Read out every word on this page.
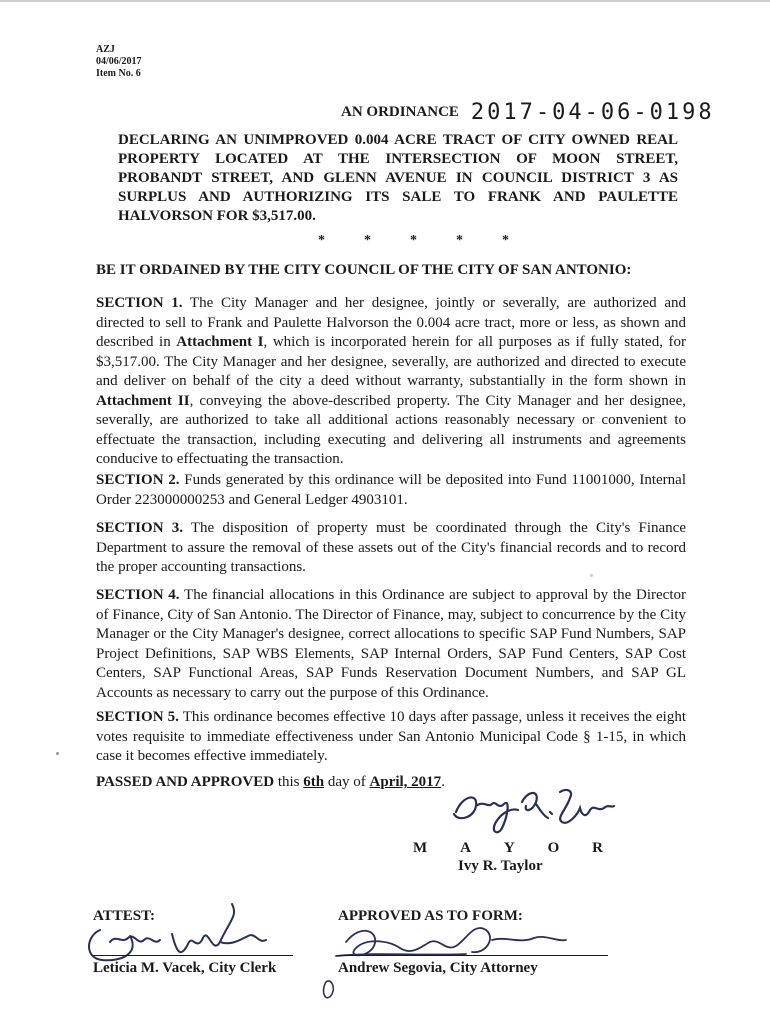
AZJ
04/06/2017
Item No. 6
AN ORDINANCE 2017-04-06-0198
DECLARING AN UNIMPROVED 0.004 ACRE TRACT OF CITY OWNED REAL PROPERTY LOCATED AT THE INTERSECTION OF MOON STREET, PROBANDT STREET, AND GLENN AVENUE IN COUNCIL DISTRICT 3 AS SURPLUS AND AUTHORIZING ITS SALE TO FRANK AND PAULETTE HALVORSON FOR $3,517.00.
*	*	*	*	*
BE IT ORDAINED BY THE CITY COUNCIL OF THE CITY OF SAN ANTONIO:
SECTION 1. The City Manager and her designee, jointly or severally, are authorized and directed to sell to Frank and Paulette Halvorson the 0.004 acre tract, more or less, as shown and described in Attachment I, which is incorporated herein for all purposes as if fully stated, for $3,517.00. The City Manager and her designee, severally, are authorized and directed to execute and deliver on behalf of the city a deed without warranty, substantially in the form shown in Attachment II, conveying the above-described property. The City Manager and her designee, severally, are authorized to take all additional actions reasonably necessary or convenient to effectuate the transaction, including executing and delivering all instruments and agreements conducive to effectuating the transaction.
SECTION 2. Funds generated by this ordinance will be deposited into Fund 11001000, Internal Order 223000000253 and General Ledger 4903101.
SECTION 3. The disposition of property must be coordinated through the City's Finance Department to assure the removal of these assets out of the City's financial records and to record the proper accounting transactions.
SECTION 4. The financial allocations in this Ordinance are subject to approval by the Director of Finance, City of San Antonio. The Director of Finance, may, subject to concurrence by the City Manager or the City Manager's designee, correct allocations to specific SAP Fund Numbers, SAP Project Definitions, SAP WBS Elements, SAP Internal Orders, SAP Fund Centers, SAP Cost Centers, SAP Functional Areas, SAP Funds Reservation Document Numbers, and SAP GL Accounts as necessary to carry out the purpose of this Ordinance.
SECTION 5. This ordinance becomes effective 10 days after passage, unless it receives the eight votes requisite to immediate effectiveness under San Antonio Municipal Code § 1-15, in which case it becomes effective immediately.
PASSED AND APPROVED this 6th day of April, 2017.
M A Y O R
Ivy R. Taylor
ATTEST:	APPROVED AS TO FORM:
Leticia M. Vacek, City Clerk	Andrew Segovia, City Attorney
